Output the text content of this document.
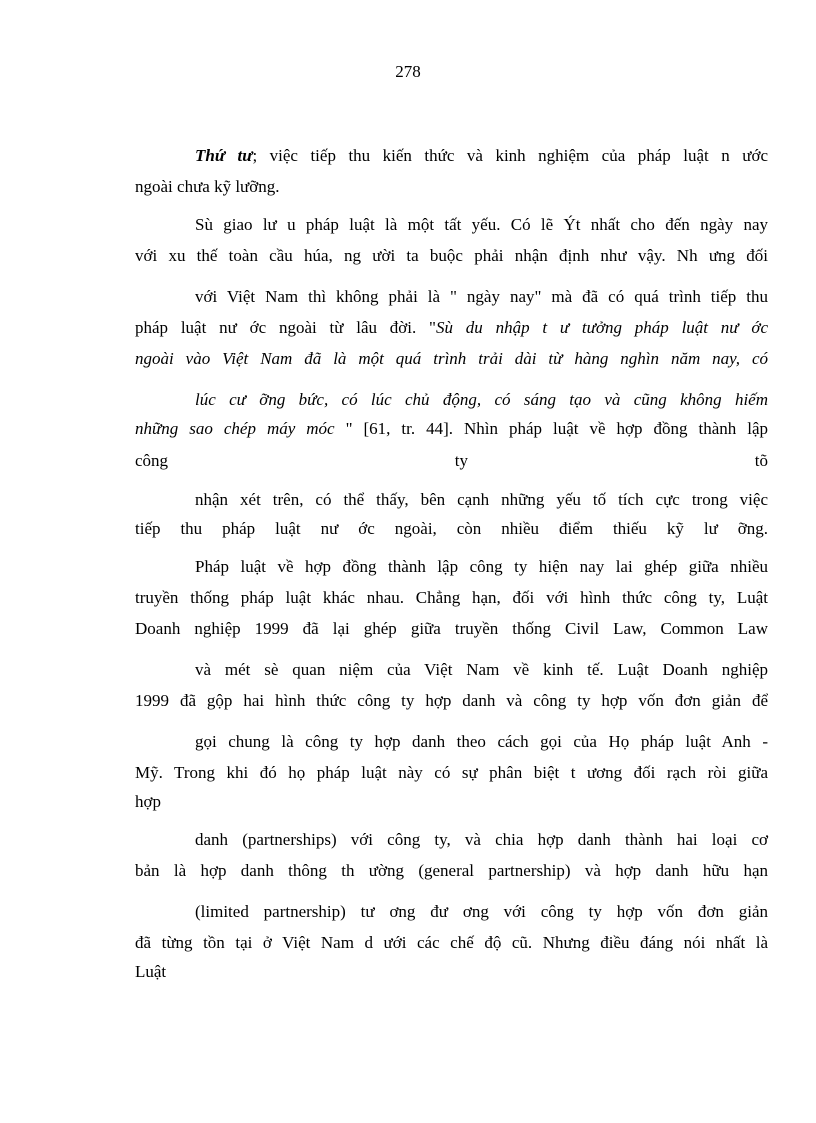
278
Thứ tư; việc tiếp thu kiến thức và kinh nghiệm của pháp luật n ước
ngoài chưa kỹ lưỡng.
Sù giao lư u pháp luật là một tất yếu. Có lẽ Ýt nhất cho đến ngày nay
với xu thế toàn cầu húa, ng ười ta buộc phải nhận định như vậy. Nh ưng đối
với Việt Nam thì không phải là " ngày nay" mà đã có quá trình tiếp thu
pháp luật nư ớc ngoài từ lâu đời. "Sù du nhập t ư tưởng pháp luật nư ớc
ngoài vào Việt Nam đã là một quá trình trải dài từ hàng nghìn năm nay, có
lúc cư ỡng bức, có lúc chủ động, có sáng tạo và cũng không hiếm
những sao chép máy móc " [61, tr. 44]. Nhìn pháp luật về hợp đồng thành lập
công	ty	tõ
nhận xét trên, có thể thấy, bên cạnh những yếu tố tích cực trong việc
tiếp thu pháp luật nư ớc ngoài, còn nhiều điểm thiếu kỹ lư ỡng.
Pháp luật về hợp đồng thành lập công ty hiện nay lai ghép giữa nhiều
truyền thống pháp luật khác nhau. Chẳng hạn, đối với hình thức công ty, Luật
Doanh nghiệp 1999 đã lại ghép giữa truyền thống Civil Law, Common Law
và mét sè quan niệm của Việt Nam về kinh tế. Luật Doanh nghiệp
1999 đã gộp hai hình thức công ty hợp danh và công ty hợp vốn đơn giản để
gọi chung là công ty hợp danh theo cách gọi của Họ pháp luật Anh -
Mỹ. Trong khi đó họ pháp luật này có sự phân biệt t ương đối rạch ròi giữa
hợp
danh (partnerships) với công ty, và chia hợp danh thành hai loại cơ
bản là hợp danh thông th ường (general partnership) và hợp danh hữu hạn
(limited partnership) tư ơng đư ơng với công ty hợp vốn đơn giản
đã từng tồn tại ở Việt Nam d ưới các chế độ cũ. Nhưng điều đáng nói nhất là
Luật
